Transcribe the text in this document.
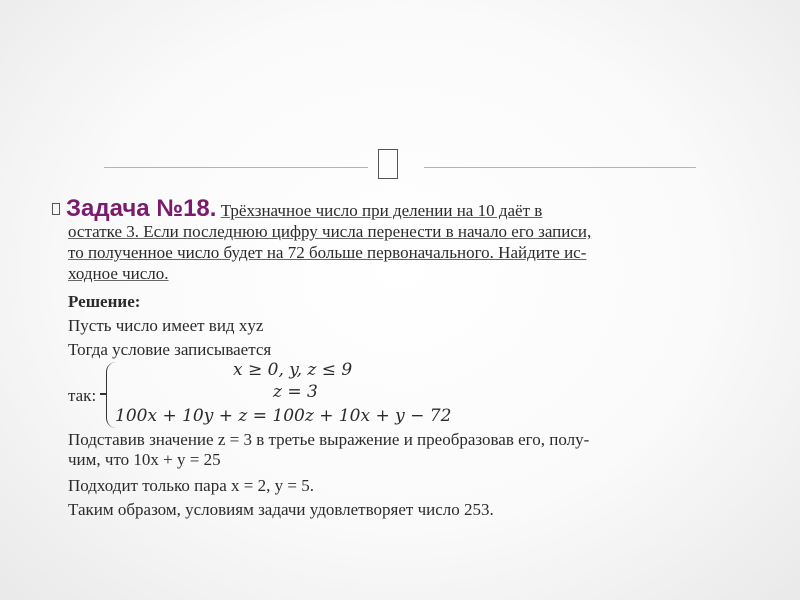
Задача №18. Трёхзначное число при делении на 10 даёт в

остатке 3. Если последнюю цифру числа перенести в начало его записи,

то полученное число будет на 72 больше первоначального. Найдите ис-

ходное число.

Решение:

Пусть число имеет вид xyz

Тогда условие записывается

так:
x ≥ 0, y, z ≤ 9
z = 3
100x + 10y + z = 100z + 10x + y − 72

Подставив значение z = 3 в третье выражение и преобразовав его, полу-

чим, что 10x + y = 25

Подходит только пара x = 2, y = 5.

Таким образом, условиям задачи удовлетворяет число 253.
